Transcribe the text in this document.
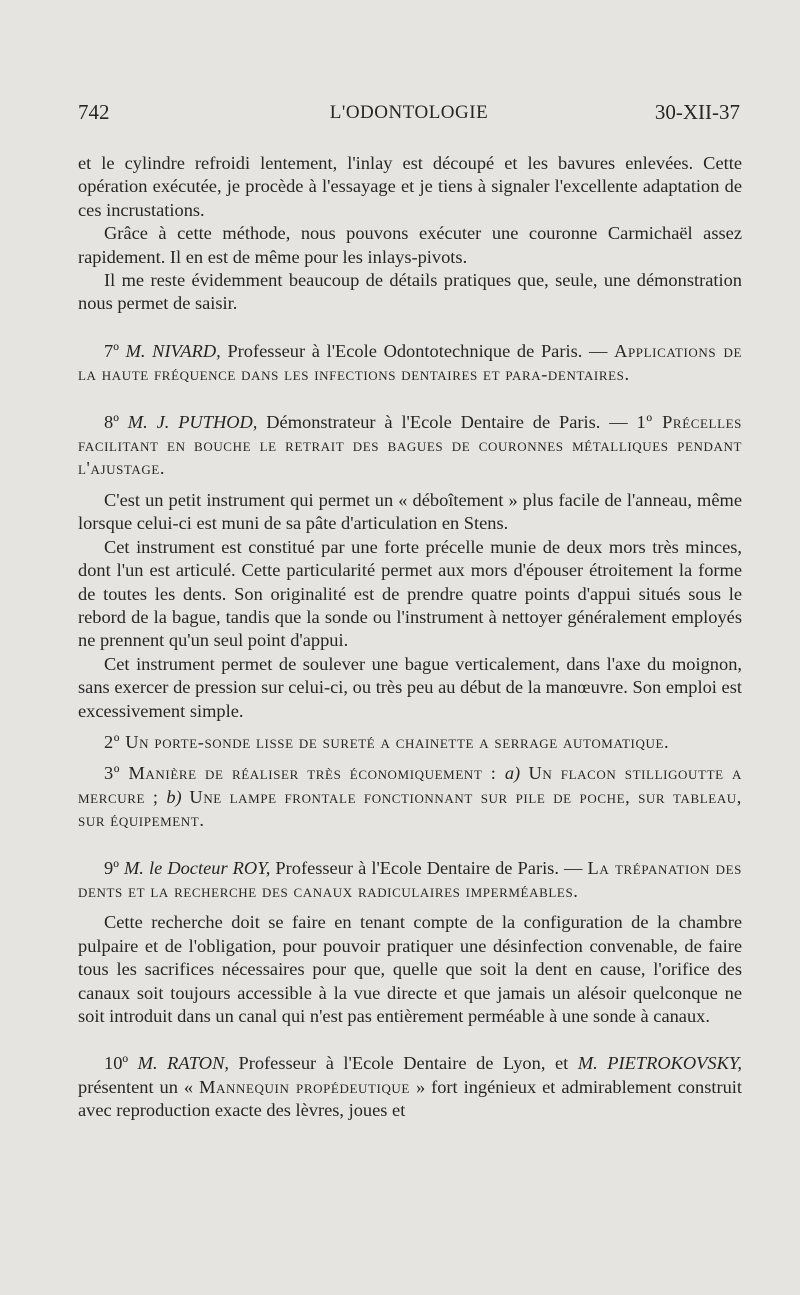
742	L'ODONTOLOGIE	30-XII-37

et le cylindre refroidi lentement, l'inlay est découpé et les bavures enlevées. Cette opération exécutée, je procède à l'essayage et je tiens à signaler l'excellente adaptation de ces incrustations.

Grâce à cette méthode, nous pouvons exécuter une couronne Carmichaël assez rapidement. Il en est de même pour les inlays-pivots.

Il me reste évidemment beaucoup de détails pratiques que, seule, une démonstration nous permet de saisir.

7º M. NIVARD, Professeur à l'Ecole Odontotechnique de Paris. — Applications de la haute fréquence dans les infections dentaires et para-dentaires.

8º M. J. PUTHOD, Démonstrateur à l'Ecole Dentaire de Paris. — 1º Précelles facilitant en bouche le retrait des bagues de couronnes métalliques pendant l'ajustage.

C'est un petit instrument qui permet un « déboîtement » plus facile de l'anneau, même lorsque celui-ci est muni de sa pâte d'articulation en Stens.

Cet instrument est constitué par une forte précelle munie de deux mors très minces, dont l'un est articulé. Cette particularité permet aux mors d'épouser étroitement la forme de toutes les dents. Son originalité est de prendre quatre points d'appui situés sous le rebord de la bague, tandis que la sonde ou l'instrument à nettoyer généralement employés ne prennent qu'un seul point d'appui.

Cet instrument permet de soulever une bague verticalement, dans l'axe du moignon, sans exercer de pression sur celui-ci, ou très peu au début de la manœuvre. Son emploi est excessivement simple.

2º Un porte-sonde lisse de sureté a chainette a serrage automatique.

3º Manière de réaliser très économiquement : a) Un flacon stilligoutte a mercure ; b) Une lampe frontale fonctionnant sur pile de poche, sur tableau, sur équipement.

9º M. le Docteur ROY, Professeur à l'Ecole Dentaire de Paris. — La trépanation des dents et la recherche des canaux radiculaires imperméables.

Cette recherche doit se faire en tenant compte de la configuration de la chambre pulpaire et de l'obligation, pour pouvoir pratiquer une désinfection convenable, de faire tous les sacrifices nécessaires pour que, quelle que soit la dent en cause, l'orifice des canaux soit toujours accessible à la vue directe et que jamais un alésoir quelconque ne soit introduit dans un canal qui n'est pas entièrement perméable à une sonde à canaux.

10º M. RATON, Professeur à l'Ecole Dentaire de Lyon, et M. PIETROKOVSKY, présentent un « Mannequin propédeutique » fort ingénieux et admirablement construit avec reproduction exacte des lèvres, joues et
